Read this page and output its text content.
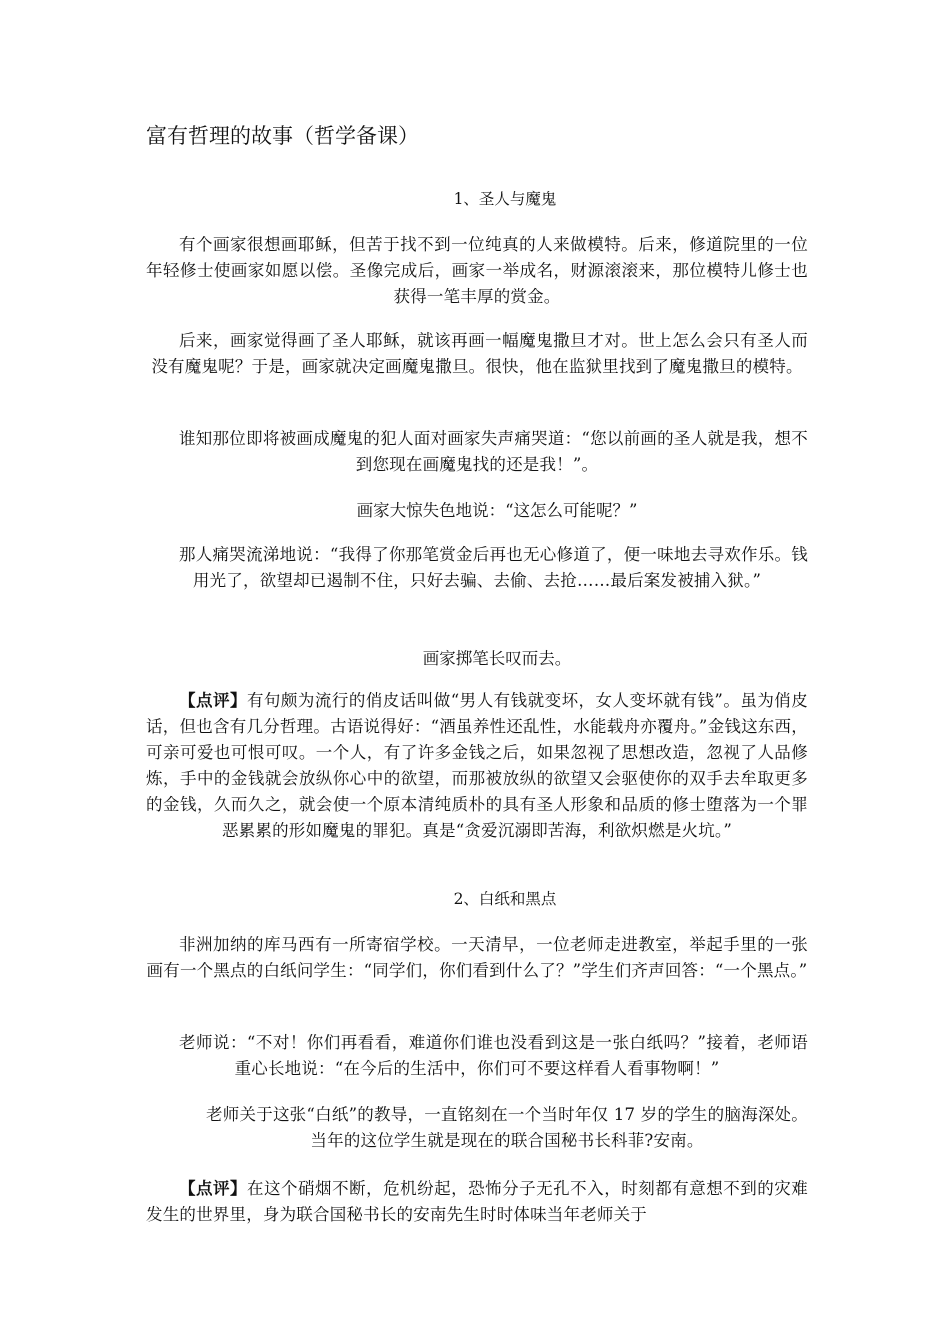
富有哲理的故事（哲学备课）
1、圣人与魔鬼
有个画家很想画耶稣，但苦于找不到一位纯真的人来做模特。后来，修道院里的一位年轻修士使画家如愿以偿。圣像完成后，画家一举成名，财源滚滚来，那位模特儿修士也获得一笔丰厚的赏金。
后来，画家觉得画了圣人耶稣，就该再画一幅魔鬼撒旦才对。世上怎么会只有圣人而没有魔鬼呢？于是，画家就决定画魔鬼撒旦。很快，他在监狱里找到了魔鬼撒旦的模特。
谁知那位即将被画成魔鬼的犯人面对画家失声痛哭道：“您以前画的圣人就是我，想不到您现在画魔鬼找的还是我！”。
画家大惊失色地说：“这怎么可能呢？”
那人痛哭流涕地说：“我得了你那笔赏金后再也无心修道了，便一味地去寻欢作乐。钱用光了，欲望却已遏制不住，只好去骗、去偷、去抢……最后案发被捕入狱。”
画家掷笔长叹而去。
【点评】有句颇为流行的俏皮话叫做“男人有钱就变坏，女人变坏就有钱”。虽为俏皮话，但也含有几分哲理。古语说得好：“酒虽养性还乱性，水能载舟亦覆舟。”金钱这东西，可亲可爱也可恨可叹。一个人，有了许多金钱之后，如果忽视了思想改造，忽视了人品修炼，手中的金钱就会放纵你心中的欲望，而那被放纵的欲望又会驱使你的双手去牟取更多的金钱，久而久之，就会使一个原本清纯质朴的具有圣人形象和品质的修士堕落为一个罪恶累累的形如魔鬼的罪犯。真是“贪爱沉溺即苦海，利欲炽燃是火坑。”
2、白纸和黑点
非洲加纳的库马西有一所寄宿学校。一天清早，一位老师走进教室，举起手里的一张画有一个黑点的白纸问学生：“同学们，你们看到什么了？”学生们齐声回答：“一个黑点。”
老师说：“不对！你们再看看，难道你们谁也没看到这是一张白纸吗？”接着，老师语重心长地说：“在今后的生活中，你们可不要这样看人看事物啊！”
老师关于这张“白纸”的教导，一直铭刻在一个当时年仅 17 岁的学生的脑海深处。当年的这位学生就是现在的联合国秘书长科菲?安南。
【点评】在这个硝烟不断，危机纷起，恐怖分子无孔不入，时刻都有意想不到的灾难发生的世界里，身为联合国秘书长的安南先生时时体味当年老师关于
